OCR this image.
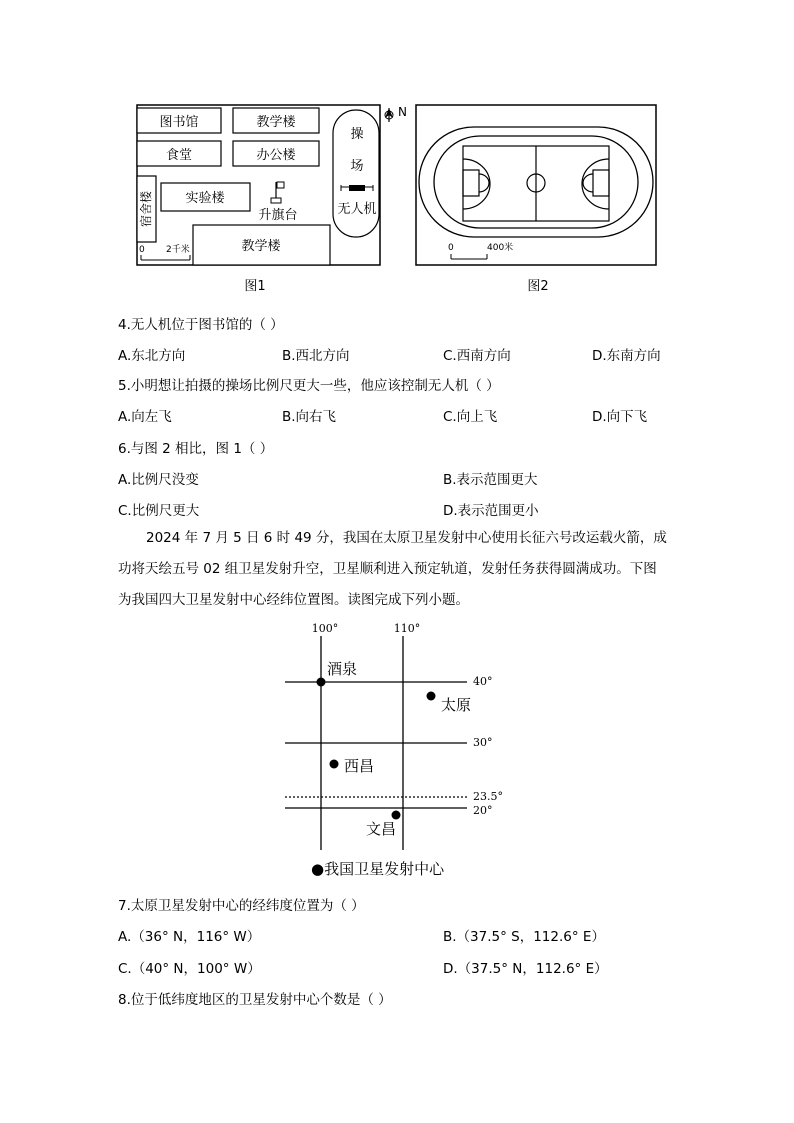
图书馆	教学楼
食堂	办公楼
实验楼
宿舍楼	升旗台
教学楼
操
场
无人机
N
0 2千米	0	400米
图1	图2
4.无人机位于图书馆的（ ）
A.东北方向	B.西北方向	C.西南方向	D.东南方向
5.小明想让拍摄的操场比例尺更大一些，他应该控制无人机（ ）
A.向左飞	B.向右飞	C.向上飞	D.向下飞
6.与图 2 相比，图 1（ ）
A.比例尺没变	B.表示范围更大
C.比例尺更大	D.表示范围更小
2024 年 7 月 5 日 6 时 49 分，我国在太原卫星发射中心使用长征六号改运载火箭，成
功将天绘五号 02 组卫星发射升空，卫星顺利进入预定轨道，发射任务获得圆满成功。下图
为我国四大卫星发射中心经纬位置图。读图完成下列小题。
100°	110°
40°
30°
23.5°
20°
酒泉
太原
西昌
文昌
●我国卫星发射中心
7.太原卫星发射中心的经纬度位置为（ ）
A.（36° N，116° W）	B.（37.5° S，112.6° E）
C.（40° N，100° W）	D.（37.5° N，112.6° E）
8.位于低纬度地区的卫星发射中心个数是（ ）
